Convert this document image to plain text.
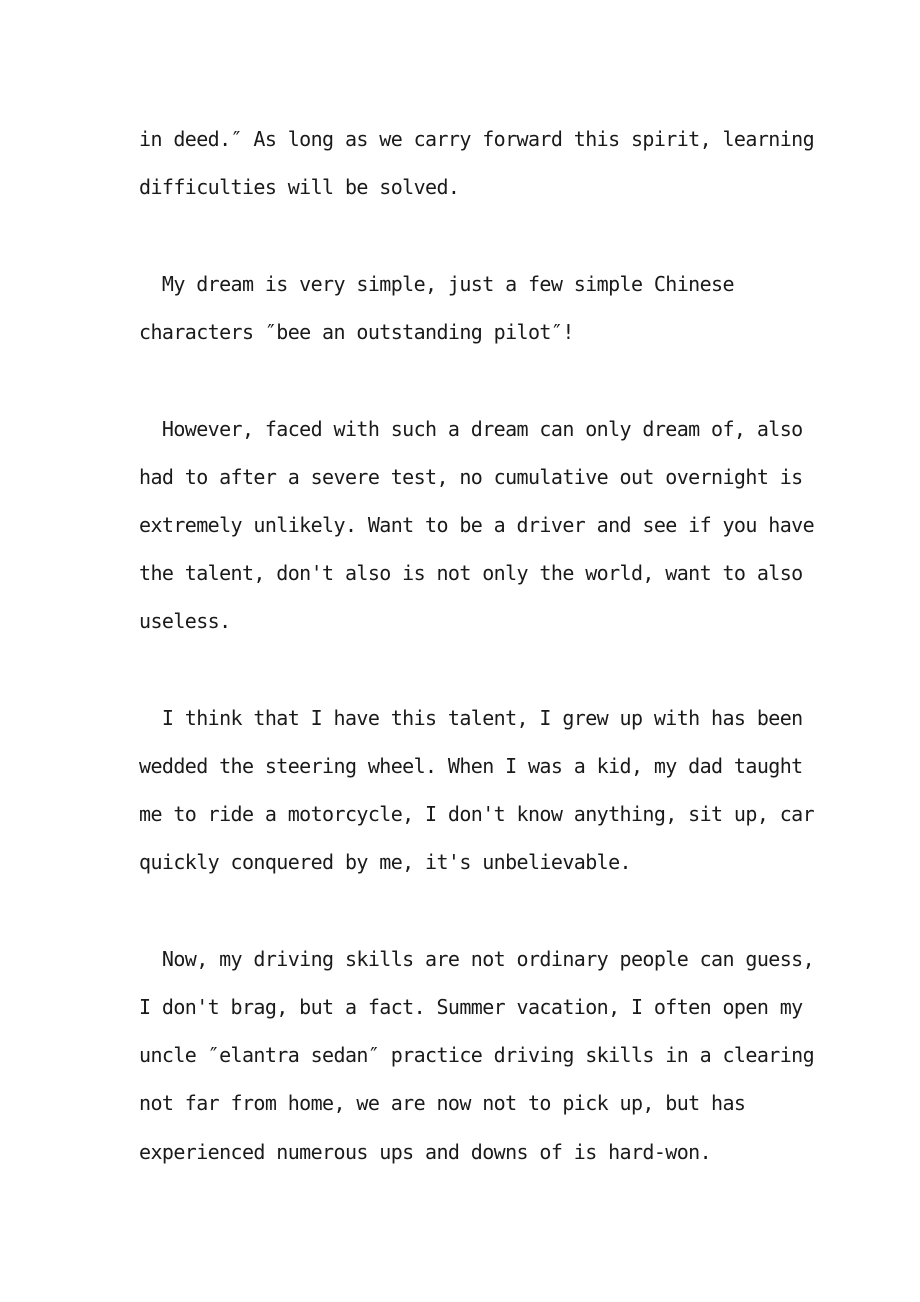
in deed.″ As long as we carry forward this spirit, learning
difficulties will be solved.
My dream is very simple, just a few simple Chinese
characters ″bee an outstanding pilot″!
However, faced with such a dream can only dream of, also
had to after a severe test, no cumulative out overnight is
extremely unlikely. Want to be a driver and see if you have
the talent, don't also is not only the world, want to also
useless.
I think that I have this talent, I grew up with has been
wedded the steering wheel. When I was a kid, my dad taught
me to ride a motorcycle, I don't know anything, sit up, car
quickly conquered by me, it's unbelievable.
Now, my driving skills are not ordinary people can guess,
I don't brag, but a fact. Summer vacation, I often open my
uncle ″elantra sedan″ practice driving skills in a clearing
not far from home, we are now not to pick up, but has
experienced numerous ups and downs of is hard-won.
